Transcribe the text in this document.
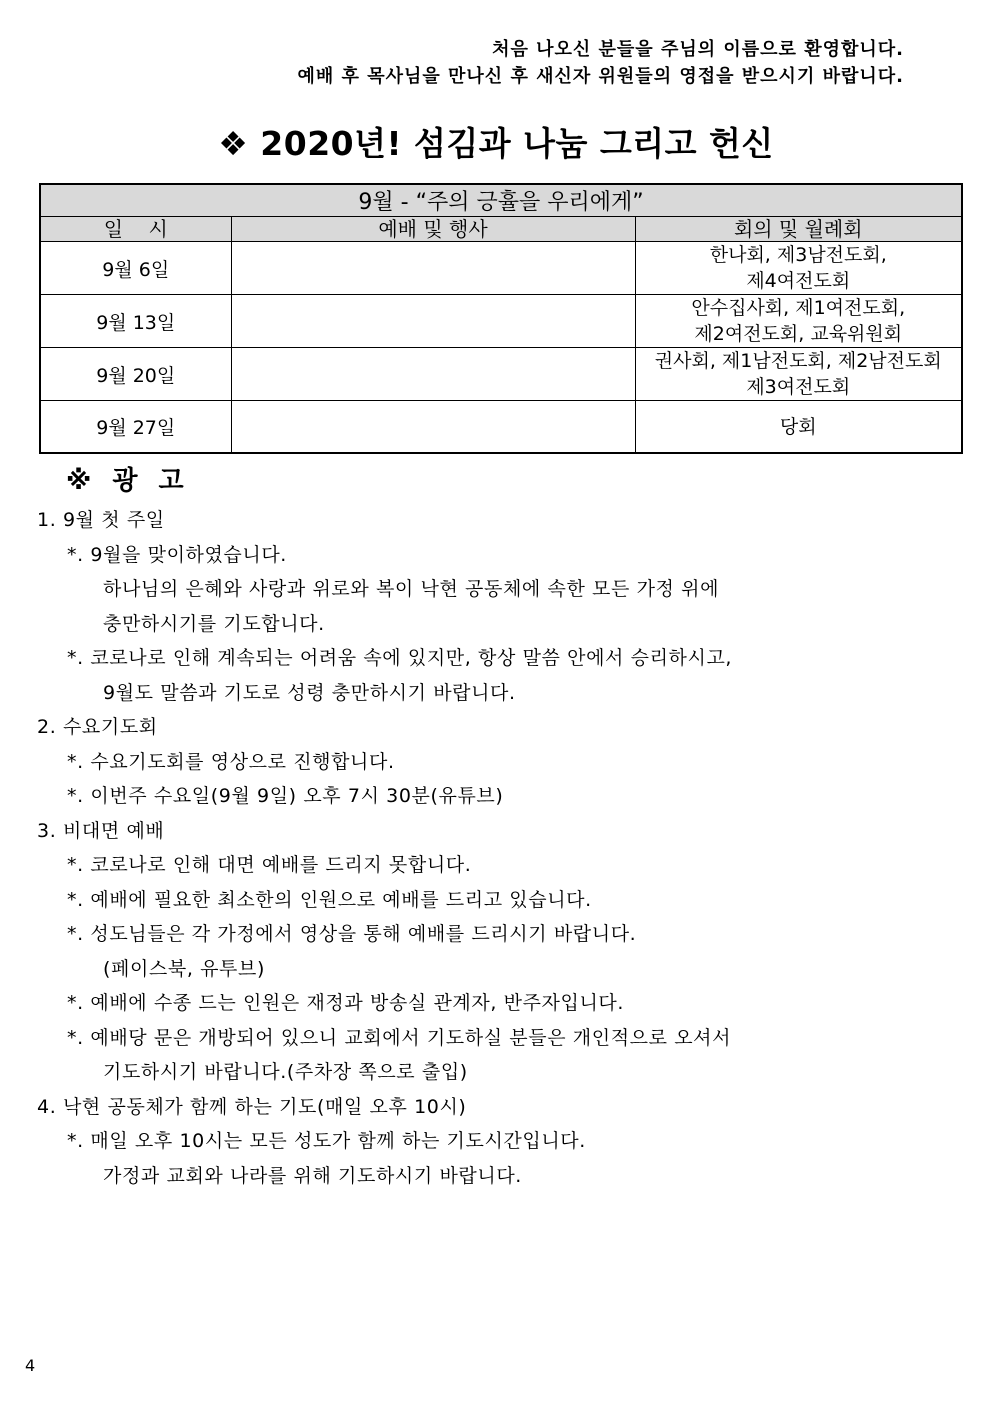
처음 나오신 분들을 주님의 이름으로 환영합니다.
예배 후 목사님을 만나신 후 새신자 위원들의 영접을 받으시기 바랍니다.
❖ 2020년! 섬김과 나눔 그리고 헌신
9월 - “주의 긍휼을 우리에게”		
일    시	예배 및 행사	회의 및 월례회
9월 6일		한나회, 제3남전도회,
제4여전도회

9월 13일		안수집사회, 제1여전도회,
제2여전도회, 교육위원회

9월 20일		권사회, 제1남전도회, 제2남전도회
제3여전도회

9월 27일		당회
※ 광 고
1. 9월 첫 주일
*. 9월을 맞이하였습니다.
하나님의 은혜와 사랑과 위로와 복이 낙현 공동체에 속한 모든 가정 위에
충만하시기를 기도합니다.
*. 코로나로 인해 계속되는 어려움 속에 있지만, 항상 말씀 안에서 승리하시고,
9월도 말씀과 기도로 성령 충만하시기 바랍니다.
2. 수요기도회
*. 수요기도회를 영상으로 진행합니다.
*. 이번주 수요일(9월 9일) 오후 7시 30분(유튜브)
3. 비대면 예배
*. 코로나로 인해 대면 예배를 드리지 못합니다.
*. 예배에 필요한 최소한의 인원으로 예배를 드리고 있습니다.
*. 성도님들은 각 가정에서 영상을 통해 예배를 드리시기 바랍니다.
(페이스북, 유투브)
*. 예배에 수종 드는 인원은 재정과 방송실 관계자, 반주자입니다.
*. 예배당 문은 개방되어 있으니 교회에서 기도하실 분들은 개인적으로 오셔서
기도하시기 바랍니다.(주차장 쪽으로 출입)
4. 낙현 공동체가 함께 하는 기도(매일 오후 10시)
*. 매일 오후 10시는 모든 성도가 함께 하는 기도시간입니다.
가정과 교회와 나라를 위해 기도하시기 바랍니다.
4
